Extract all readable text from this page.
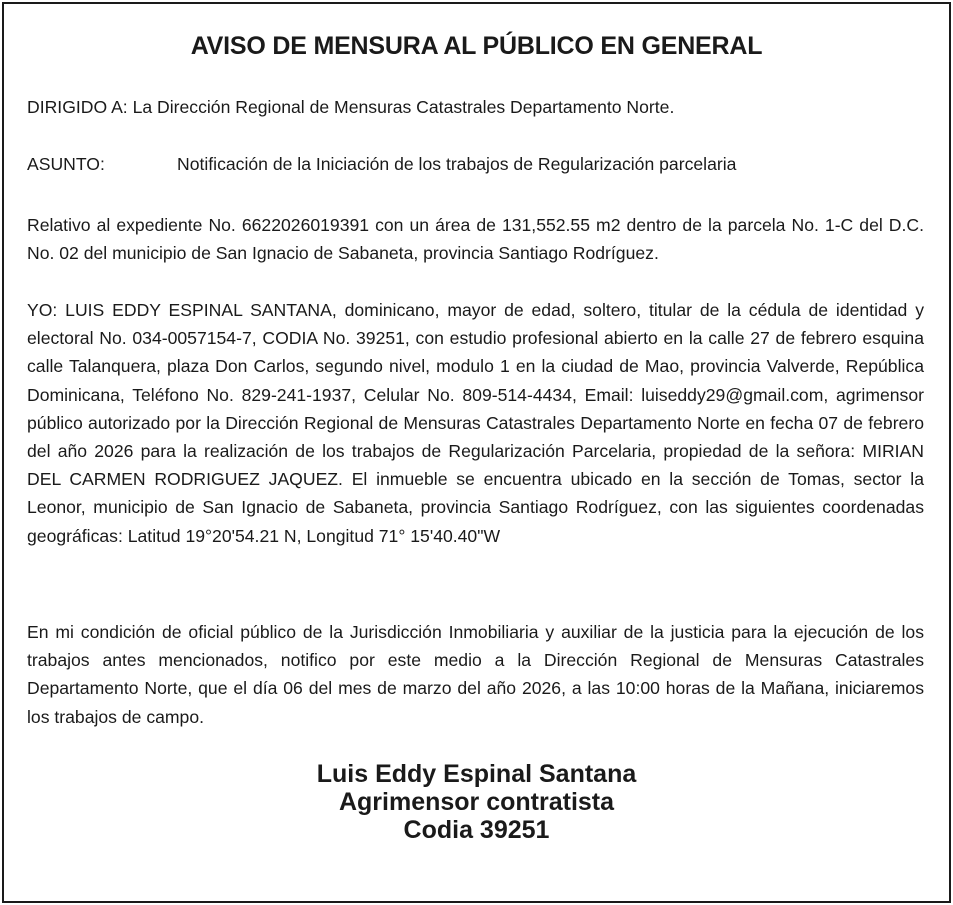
AVISO DE MENSURA AL PÚBLICO EN GENERAL

DIRIGIDO A: La Dirección Regional de Mensuras Catastrales Departamento Norte.

ASUNTO:	Notificación de la Iniciación de los trabajos de Regularización parcelaria

Relativo al expediente No. 6622026019391 con un área de 131,552.55 m2 dentro de la parcela No. 1-C del D.C. No. 02 del municipio de San Ignacio de Sabaneta, provincia Santiago Rodríguez.

YO: LUIS EDDY ESPINAL SANTANA, dominicano, mayor de edad, soltero, titular de la cédula de identidad y electoral No. 034-0057154-7, CODIA No. 39251, con estudio profesional abierto en la calle 27 de febrero esquina calle Talanquera, plaza Don Carlos, segundo nivel, modulo 1 en la ciudad de Mao, provincia Valverde, República Dominicana, Teléfono No. 829-241-1937, Celular No. 809-514-4434, Email: luiseddy29@gmail.com, agrimensor público autorizado por la Dirección Regional de Mensuras Catastrales Departamento Norte en fecha 07 de febrero del año 2026 para la realización de los trabajos de Regularización Parcelaria, propiedad de la señora: MIRIAN DEL CARMEN RODRIGUEZ JAQUEZ. El inmueble se encuentra ubicado en la sección de Tomas, sector la Leonor, municipio de San Ignacio de Sabaneta, provincia Santiago Rodríguez, con las siguientes coordenadas geográficas: Latitud 19°20'54.21 N, Longitud 71° 15'40.40"W

En mi condición de oficial público de la Jurisdicción Inmobiliaria y auxiliar de la justicia para la ejecución de los trabajos antes mencionados, notifico por este medio a la Dirección Regional de Mensuras Catastrales Departamento Norte, que el día 06 del mes de marzo del año 2026, a las 10:00 horas de la Mañana, iniciaremos los trabajos de campo.

Luis Eddy Espinal Santana
Agrimensor contratista
Codia 39251
